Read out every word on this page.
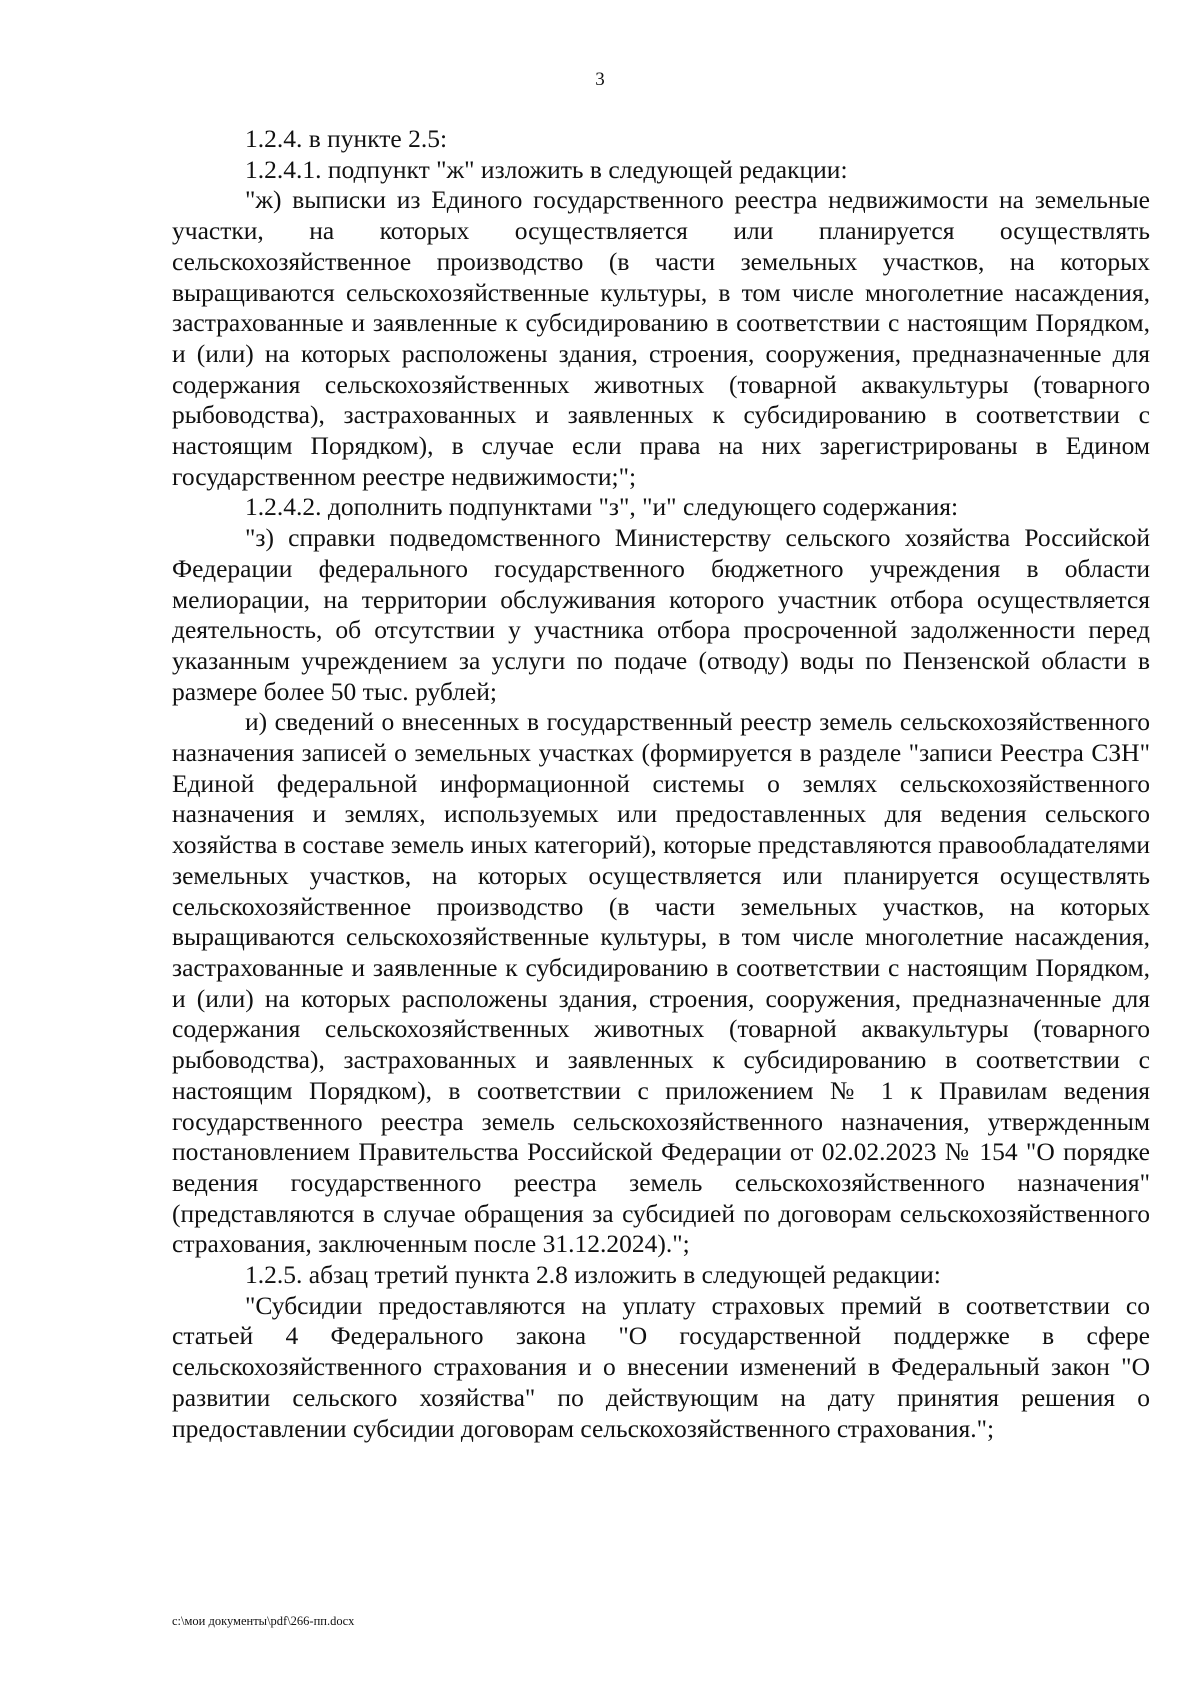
3

1.2.4. в пункте 2.5:

1.2.4.1. подпункт "ж" изложить в следующей редакции:

"ж) выписки из Единого государственного реестра недвижимости на земельные участки, на которых осуществляется или планируется осуществлять сельскохозяйственное производство (в части земельных участков, на которых выращиваются сельскохозяйственные культуры, в том числе многолетние насаждения, застрахованные и заявленные к субсидированию в соответствии с настоящим Порядком, и (или) на которых расположены здания, строения, сооружения, предназначенные для содержания сельскохозяйственных животных (товарной аквакультуры (товарного рыбоводства), застрахованных и заявленных к субсидированию в соответствии с настоящим Порядком), в случае если права на них зарегистрированы в Едином государственном реестре недвижимости;";

1.2.4.2. дополнить подпунктами "з", "и" следующего содержания:

"з) справки подведомственного Министерству сельского хозяйства Российской Федерации федерального государственного бюджетного учреждения в области мелиорации, на территории обслуживания которого участник отбора осуществляется деятельность, об отсутствии у участника отбора просроченной задолженности перед указанным учреждением за услуги по подаче (отводу) воды по Пензенской области в размере более 50 тыс. рублей;

и) сведений о внесенных в государственный реестр земель сельскохозяйственного назначения записей о земельных участках (формируется в разделе "записи Реестра СЗН" Единой федеральной информационной системы о землях сельскохозяйственного назначения и землях, используемых или предоставленных для ведения сельского хозяйства в составе земель иных категорий), которые представляются правообладателями земельных участков, на которых осуществляется или планируется осуществлять сельскохозяйственное производство (в части земельных участков, на которых выращиваются сельскохозяйственные культуры, в том числе многолетние насаждения, застрахованные и заявленные к субсидированию в соответствии с настоящим Порядком, и (или) на которых расположены здания, строения, сооружения, предназначенные для содержания сельскохозяйственных животных (товарной аквакультуры (товарного рыбоводства), застрахованных и заявленных к субсидированию в соответствии с настоящим Порядком), в соответствии с приложением № 1 к Правилам ведения государственного реестра земель сельскохозяйственного назначения, утвержденным постановлением Правительства Российской Федерации от 02.02.2023 № 154 "О порядке ведения государственного реестра земель сельскохозяйственного назначения" (представляются в случае обращения за субсидией по договорам сельскохозяйственного страхования, заключенным после 31.12.2024).";

1.2.5. абзац третий пункта 2.8 изложить в следующей редакции:

"Субсидии предоставляются на уплату страховых премий в соответствии со статьей 4 Федерального закона "О государственной поддержке в сфере сельскохозяйственного страхования и о внесении изменений в Федеральный закон "О развитии сельского хозяйства" по действующим на дату принятия решения о предоставлении субсидии договорам сельскохозяйственного страхования.";

c:\мои документы\pdf\266-пп.docx
